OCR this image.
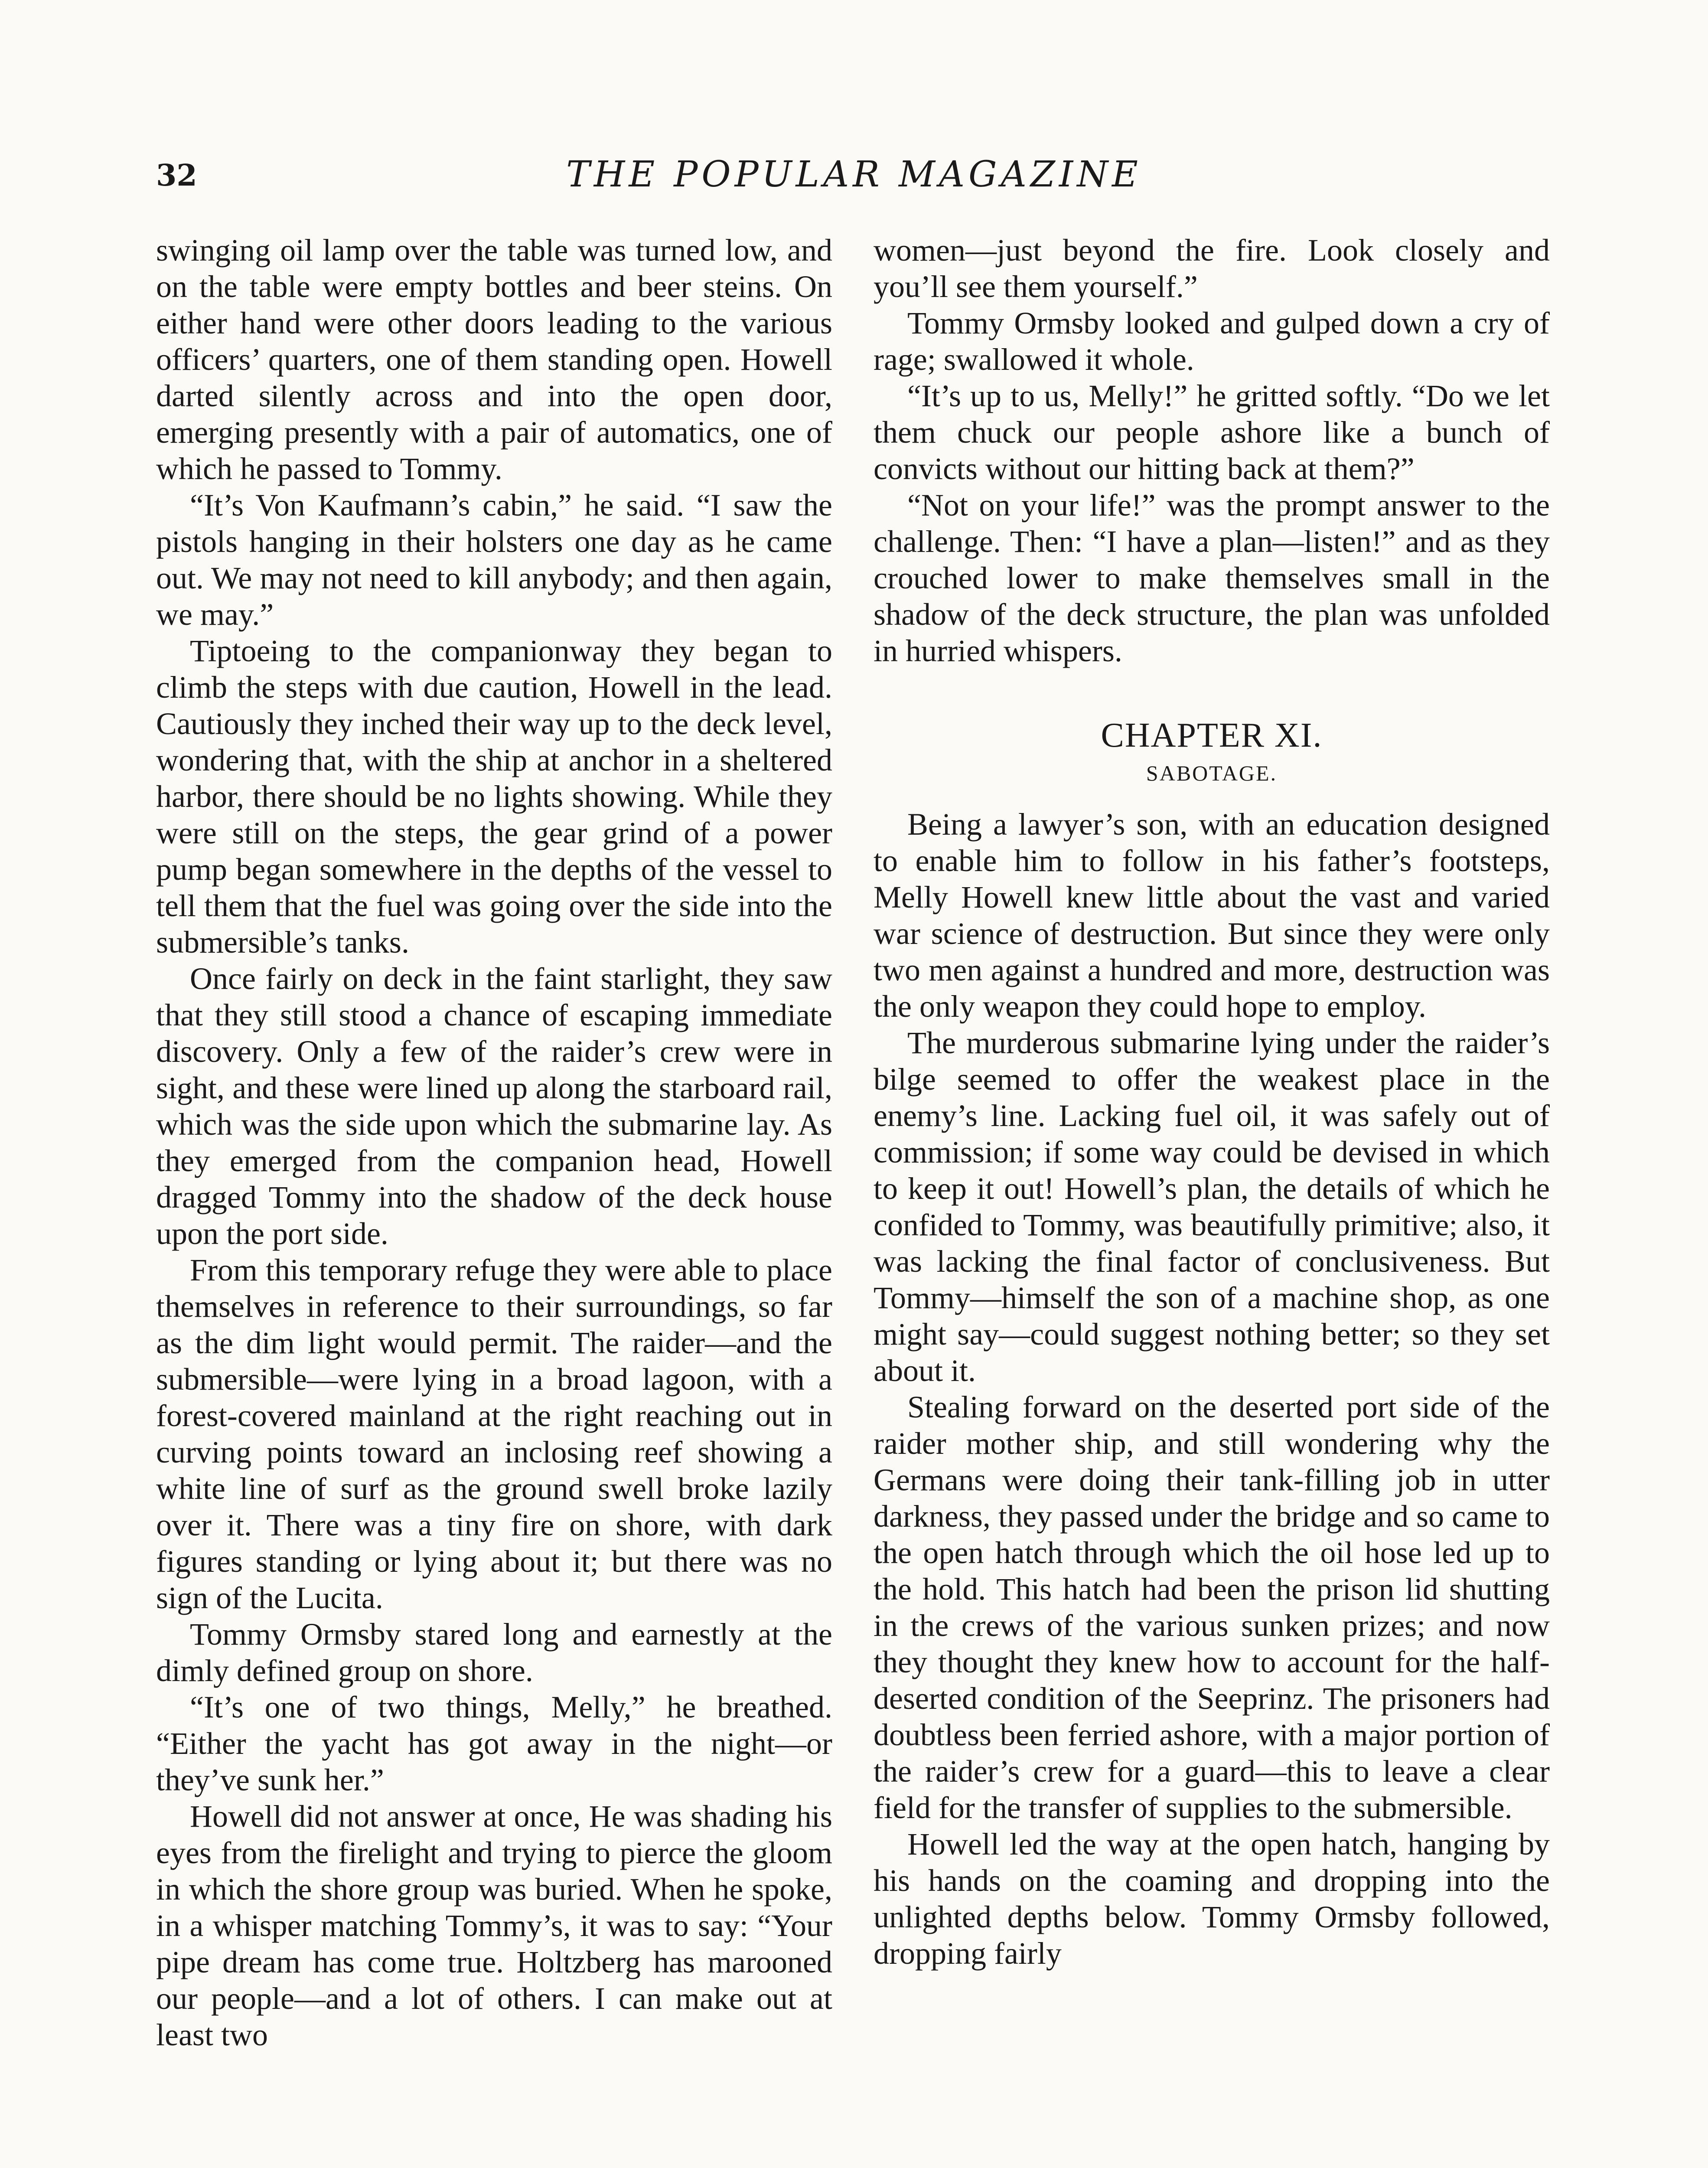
32	THE POPULAR MAGAZINE

swinging oil lamp over the table was turned low, and on the table were empty bottles and beer steins. On either hand were other doors leading to the various officers’ quarters, one of them standing open. Howell darted silently across and into the open door, emerging presently with a pair of automatics, one of which he passed to Tommy.

“It’s Von Kaufmann’s cabin,” he said. “I saw the pistols hanging in their holsters one day as he came out. We may not need to kill anybody; and then again, we may.”

Tiptoeing to the companionway they began to climb the steps with due caution, Howell in the lead. Cautiously they inched their way up to the deck level, wondering that, with the ship at anchor in a sheltered harbor, there should be no lights showing. While they were still on the steps, the gear grind of a power pump began somewhere in the depths of the vessel to tell them that the fuel was going over the side into the submersible’s tanks.

Once fairly on deck in the faint starlight, they saw that they still stood a chance of escaping immediate discovery. Only a few of the raider’s crew were in sight, and these were lined up along the starboard rail, which was the side upon which the submarine lay. As they emerged from the companion head, Howell dragged Tommy into the shadow of the deck house upon the port side.

From this temporary refuge they were able to place themselves in reference to their surroundings, so far as the dim light would permit. The raider—and the submersible—were lying in a broad lagoon, with a forest-covered mainland at the right reaching out in curving points toward an inclosing reef showing a white line of surf as the ground swell broke lazily over it. There was a tiny fire on shore, with dark figures standing or lying about it; but there was no sign of the Lucita.

Tommy Ormsby stared long and earnestly at the dimly defined group on shore.

“It’s one of two things, Melly,” he breathed. “Either the yacht has got away in the night—or they’ve sunk her.”

Howell did not answer at once, He was shading his eyes from the firelight and trying to pierce the gloom in which the shore group was buried. When he spoke, in a whisper matching Tommy’s, it was to say: “Your pipe dream has come true. Holtzberg has marooned our people—and a lot of others. I can make out at least two

women—just beyond the fire. Look closely and you’ll see them yourself.”

Tommy Ormsby looked and gulped down a cry of rage; swallowed it whole.

“It’s up to us, Melly!” he gritted softly. “Do we let them chuck our people ashore like a bunch of convicts without our hitting back at them?”

“Not on your life!” was the prompt answer to the challenge. Then: “I have a plan—listen!” and as they crouched lower to make themselves small in the shadow of the deck structure, the plan was unfolded in hurried whispers.

CHAPTER XI.
SABOTAGE.

Being a lawyer’s son, with an education designed to enable him to follow in his father’s footsteps, Melly Howell knew little about the vast and varied war science of destruction. But since they were only two men against a hundred and more, destruction was the only weapon they could hope to employ.

The murderous submarine lying under the raider’s bilge seemed to offer the weakest place in the enemy’s line. Lacking fuel oil, it was safely out of commission; if some way could be devised in which to keep it out! Howell’s plan, the details of which he confided to Tommy, was beautifully primitive; also, it was lacking the final factor of conclusiveness. But Tommy—himself the son of a machine shop, as one might say—could suggest nothing better; so they set about it.

Stealing forward on the deserted port side of the raider mother ship, and still wondering why the Germans were doing their tank-filling job in utter darkness, they passed under the bridge and so came to the open hatch through which the oil hose led up to the hold. This hatch had been the prison lid shutting in the crews of the various sunken prizes; and now they thought they knew how to account for the half-deserted condition of the Seeprinz. The prisoners had doubtless been ferried ashore, with a major portion of the raider’s crew for a guard—this to leave a clear field for the transfer of supplies to the submersible.

Howell led the way at the open hatch, hanging by his hands on the coaming and dropping into the unlighted depths below. Tommy Ormsby followed, dropping fairly
